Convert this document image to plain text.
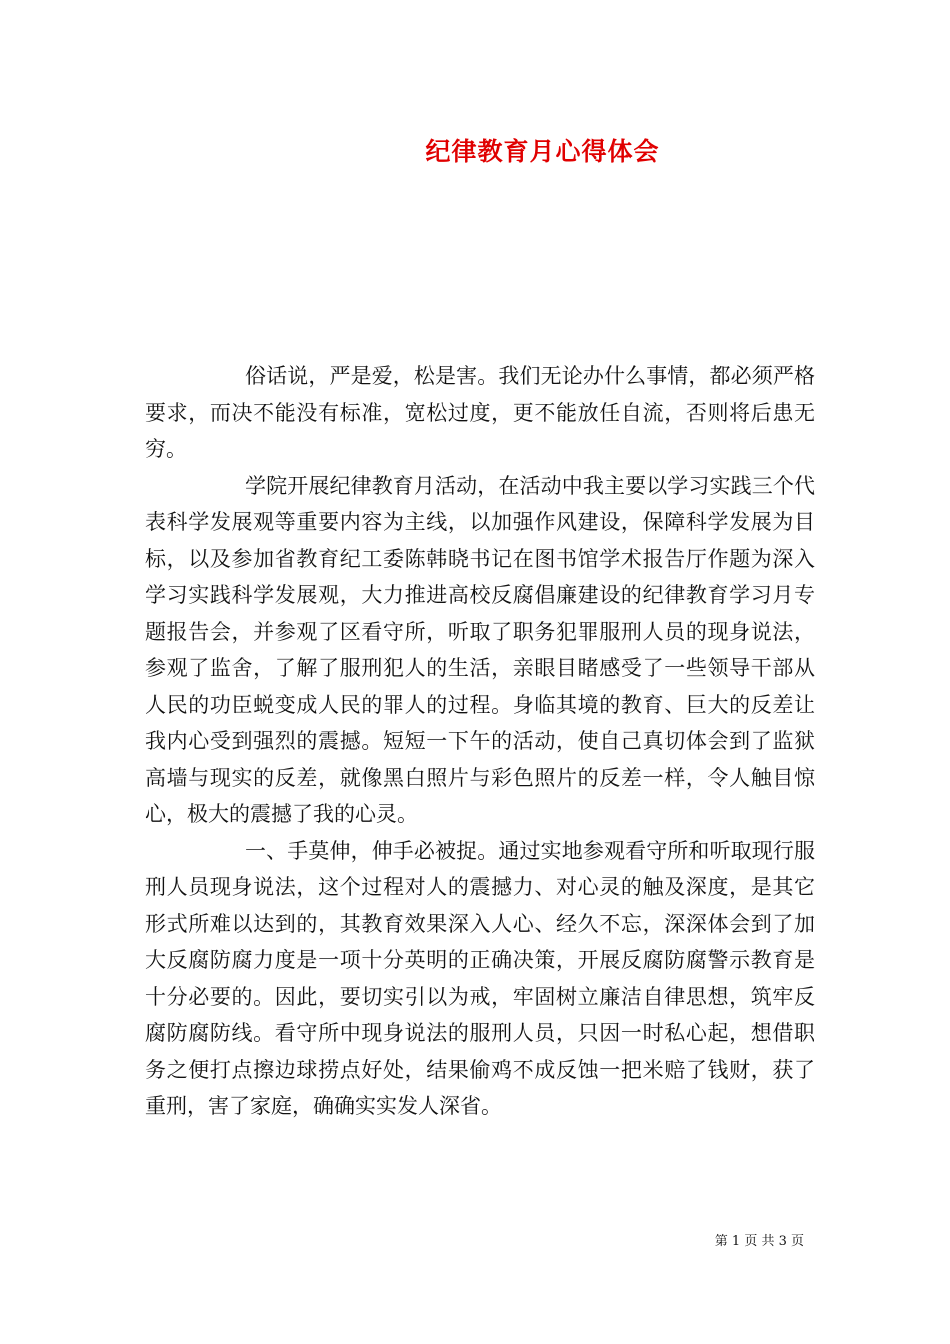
纪律教育月心得体会

俗话说，严是爱，松是害。我们无论办什么事情，都必须严格要求，而决不能没有标准，宽松过度，更不能放任自流，否则将后患无穷。

学院开展纪律教育月活动，在活动中我主要以学习实践三个代表科学发展观等重要内容为主线，以加强作风建设，保障科学发展为目标，以及参加省教育纪工委陈韩晓书记在图书馆学术报告厅作题为深入学习实践科学发展观，大力推进高校反腐倡廉建设的纪律教育学习月专题报告会，并参观了区看守所，听取了职务犯罪服刑人员的现身说法，参观了监舍，了解了服刑犯人的生活，亲眼目睹感受了一些领导干部从人民的功臣蜕变成人民的罪人的过程。身临其境的教育、巨大的反差让我内心受到强烈的震撼。短短一下午的活动，使自己真切体会到了监狱高墙与现实的反差，就像黑白照片与彩色照片的反差一样，令人触目惊心，极大的震撼了我的心灵。

一、手莫伸，伸手必被捉。通过实地参观看守所和听取现行服刑人员现身说法，这个过程对人的震撼力、对心灵的触及深度，是其它形式所难以达到的，其教育效果深入人心、经久不忘，深深体会到了加大反腐防腐力度是一项十分英明的正确决策，开展反腐防腐警示教育是十分必要的。因此，要切实引以为戒，牢固树立廉洁自律思想，筑牢反腐防腐防线。看守所中现身说法的服刑人员，只因一时私心起，想借职务之便打点擦边球捞点好处，结果偷鸡不成反蚀一把米赔了钱财，获了重刑，害了家庭，确确实实发人深省。

第 1 页 共 3 页
